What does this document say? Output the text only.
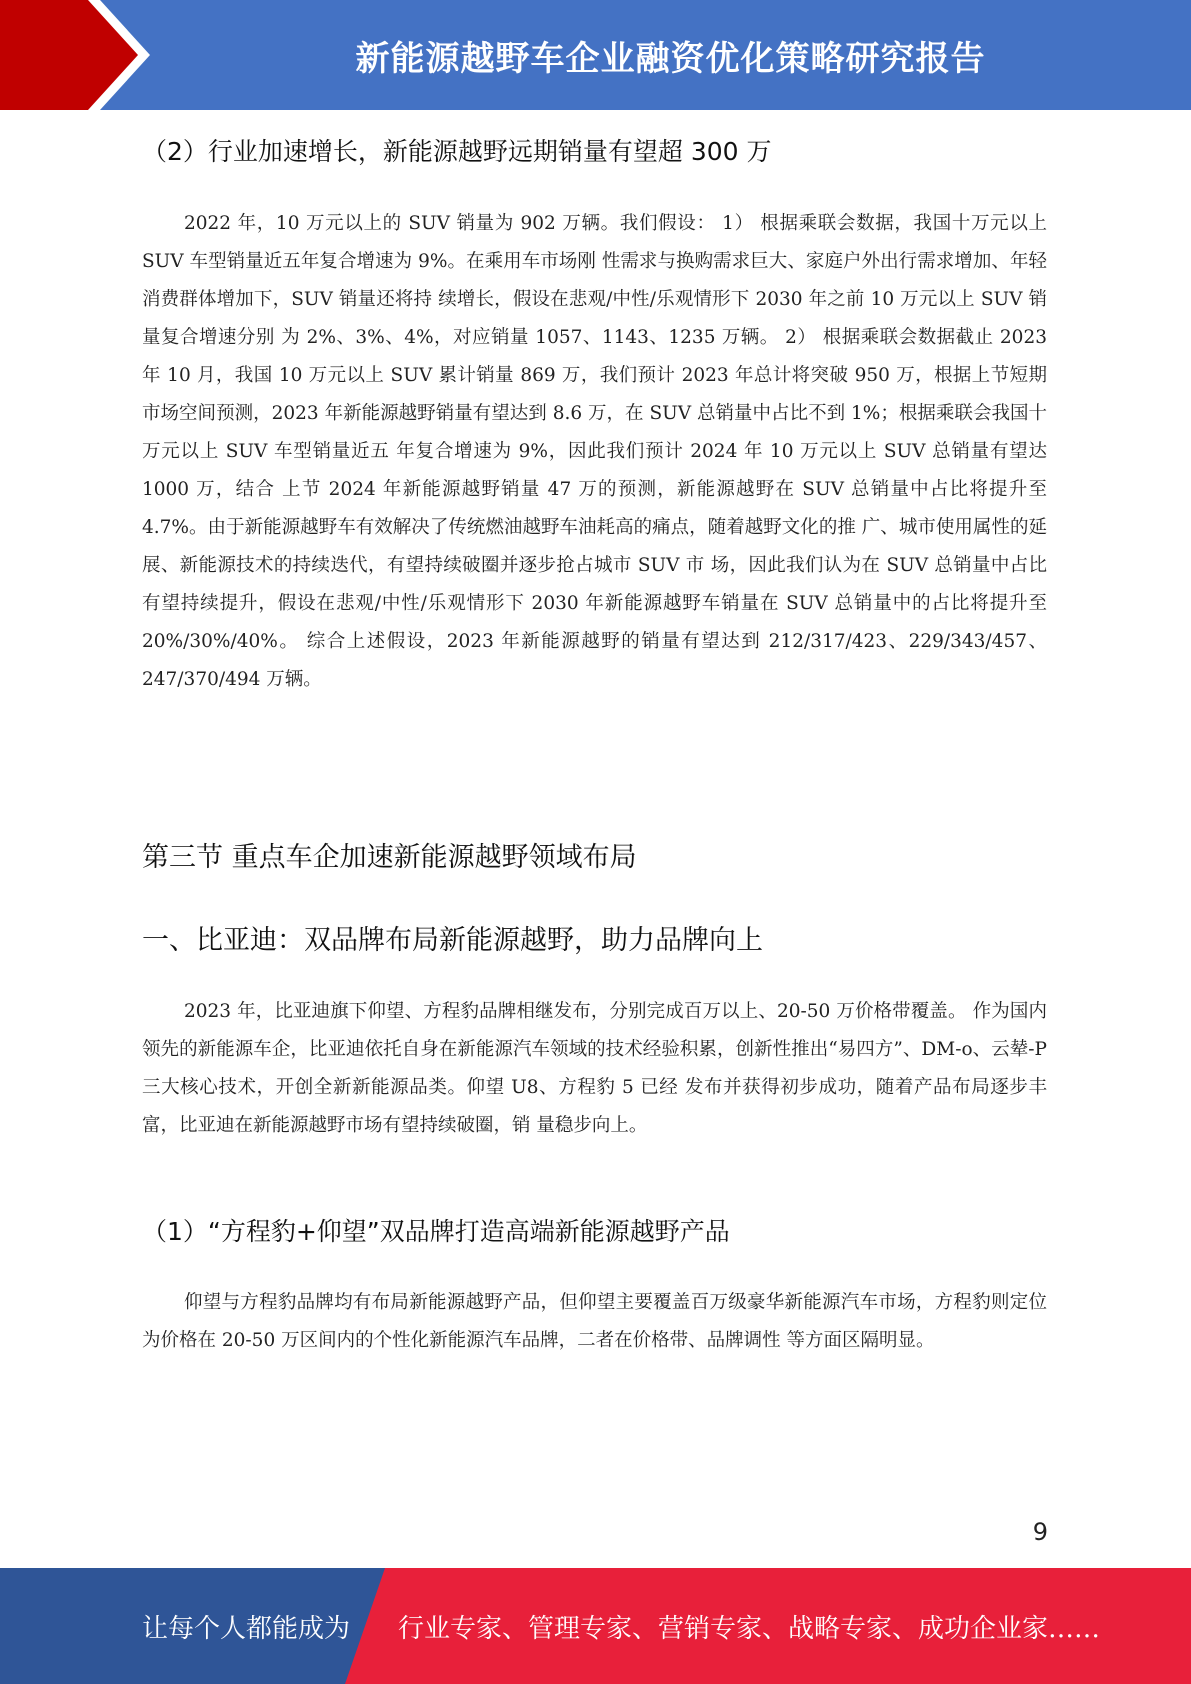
新能源越野车企业融资优化策略研究报告
（2）行业加速增长，新能源越野远期销量有望超 300 万

2022 年，10 万元以上的 SUV 销量为 902 万辆。我们假设： 1） 根据乘联会数据，我国十万元以上 SUV 车型销量近五年复合增速为 9%。在乘用车市场刚 性需求与换购需求巨大、家庭户外出行需求增加、年轻消费群体增加下，SUV 销量还将持 续增长，假设在悲观/中性/乐观情形下 2030 年之前 10 万元以上 SUV 销量复合增速分别 为 2%、3%、4%，对应销量 1057、1143、1235 万辆。 2） 根据乘联会数据截止 2023 年 10 月，我国 10 万元以上 SUV 累计销量 869 万，我们预计 2023 年总计将突破 950 万，根据上节短期市场空间预测，2023 年新能源越野销量有望达到 8.6 万，在 SUV 总销量中占比不到 1%；根据乘联会我国十万元以上 SUV 车型销量近五 年复合增速为 9%，因此我们预计 2024 年 10 万元以上 SUV 总销量有望达 1000 万，结合 上节 2024 年新能源越野销量 47 万的预测，新能源越野在 SUV 总销量中占比将提升至 4.7%。由于新能源越野车有效解决了传统燃油越野车油耗高的痛点，随着越野文化的推 广、城市使用属性的延展、新能源技术的持续迭代，有望持续破圈并逐步抢占城市 SUV 市 场，因此我们认为在 SUV 总销量中占比有望持续提升，假设在悲观/中性/乐观情形下 2030 年新能源越野车销量在 SUV 总销量中的占比将提升至 20%/30%/40%。 综合上述假设，2023 年新能源越野的销量有望达到 212/317/423、229/343/457、247/370/494 万辆。

第三节 重点车企加速新能源越野领域布局
一、比亚迪：双品牌布局新能源越野，助力品牌向上

2023 年，比亚迪旗下仰望、方程豹品牌相继发布，分别完成百万以上、20-50 万价格带覆盖。 作为国内领先的新能源车企，比亚迪依托自身在新能源汽车领域的技术经验积累，创新性推出“易四方”、DM-o、云辇-P 三大核心技术，开创全新新能源品类。仰望 U8、方程豹 5 已经 发布并获得初步成功，随着产品布局逐步丰富，比亚迪在新能源越野市场有望持续破圈，销 量稳步向上。

（1）“方程豹+仰望”双品牌打造高端新能源越野产品

仰望与方程豹品牌均有布局新能源越野产品，但仰望主要覆盖百万级豪华新能源汽车市场，方程豹则定位为价格在 20-50 万区间内的个性化新能源汽车品牌，二者在价格带、品牌调性 等方面区隔明显。

9
让每个人都能成为 行业专家、管理专家、营销专家、战略专家、成功企业家……
